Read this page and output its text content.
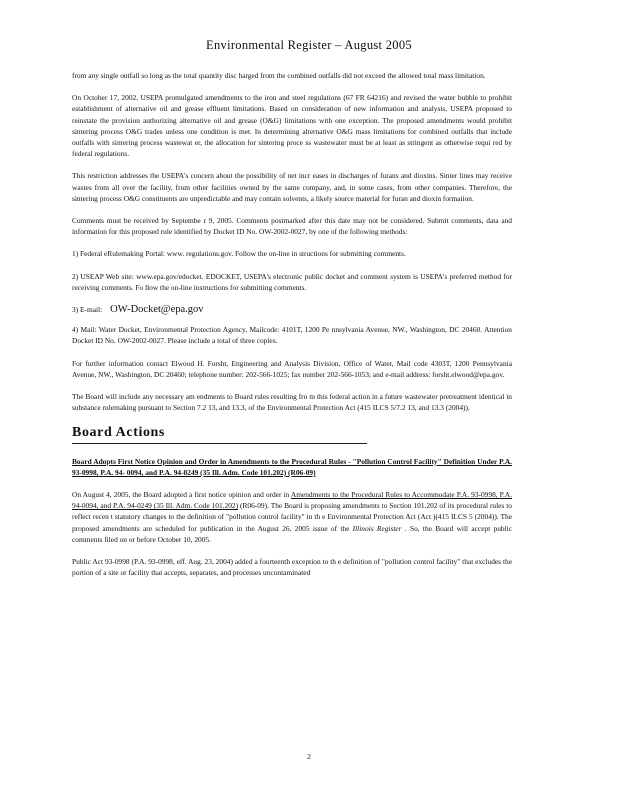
Environmental Register – August 2005

from any single outfall so long as the total quantity disc harged from the combined outfalls did not exceed the allowed total mass limitation.

On October 17, 2002, USEPA promulgated amendments to the iron and steel regulations (67 FR 64216) and revised the water bubble to prohibit establishment of alternative oil and grease effluent limitations. Based on consideration of new information and analysis, USEPA proposed to reinstate the provision authorizing alternative oil and grease (O&G) limitations with one exception. The proposed amendments would prohibit sintering process O&G trades unless one condition is met. In determining alternative O&G mass limitations for combined outfalls that include outfalls with sintering process wastewat er, the allocation for sintering proce ss wastewater must be at least as stringent as otherwise requi red by federal regulations.

This restriction addresses the USEPA's concern about the possibility of net incr eases in discharges of furans and dioxins. Sinter lines may receive wastes from all over the facility, from other facilities owned by the same company, and, in some cases, from other companies. Therefore, the sintering process O&G constituents are unpredictable and may contain solvents, a likely source material for furan and dioxin formation.

Comments must be received by Septembe r 9, 2005. Comments postmarked after this date may not be considered. Submit comments, data and information for this proposed rule identified by Docket ID No. OW-2002-0027, by one of the following methods:

1) Federal eRulemaking Portal: www. regulations.gov. Follow the on-line in structions for submitting comments.

2) USEAP Web site: www.epa.gov/edocket. EDOCKET, USEPA's electronic public docket and comment system is USEPA's preferred method for receiving comments. Fo llow the on-line instructions for submitting comments.

3) E-mail: OW-Docket@epa.gov

4) Mail: Water Docket, Environmental Protection Agency, Mailcode: 4101T, 1200 Pe nnsylvania Avenue, NW., Washington, DC 20460. Attention Docket ID No. OW-2002-0027. Please include a total of three copies.

For further information contact Elwood H. Forsht, Engineering and Analysis Division, Office of Water, Mail code 4303T, 1200 Pennsylvania Avenue, NW., Washington, DC 20460; telephone number: 202-566-1025; fax number 202-566-1053; and e-mail address: forsht.elwood@epa.gov.

The Board will include any necessary am endments to Board rules resulting fro m this federal action in a future wastewater pretreatment identical in substance rulemaking pursuant to Section 7.2 13, and 13.3, of the Environmental Protection Act (415 ILCS 5/7.2 13, and 13.3 (2004)).

Board Actions

Board Adopts First Notice Opinion and Order in Amendments to the Procedural Rules - "Pollution Control Facility" Definition Under P.A. 93-0998, P.A. 94- 0094, and P.A. 94-0249 (35 Ill. Adm. Code 101.202) (R06-09)

On August 4, 2005, the Board adopted a first notice opinion and order in Amendments to the Procedural Rules to Accommodate P.A. 93-0998, P.A. 94-0094, and P.A. 94-0249 (35 Ill. Adm. Code 101.202) (R06-09). The Board is proposing amendments to Section 101.202 of its procedural rules to reflect recen t statutory changes to the definition of "pollution control facility" in th e Environmental Protection Act (Act )(415 ILCS 5 (2004)). The proposed amendments are scheduled for publication in the August 26, 2005 issue of the Illinois Register . So, the Board will accept public comments filed on or before October 10, 2005.

Public Act 93-0998 (P.A. 93-0998, eff. Aug. 23, 2004) added a fourteenth exception to th e definition of "pollution control facility" that excludes the portion of a site or facility that accepts, separates, and processes uncontaminated

2
